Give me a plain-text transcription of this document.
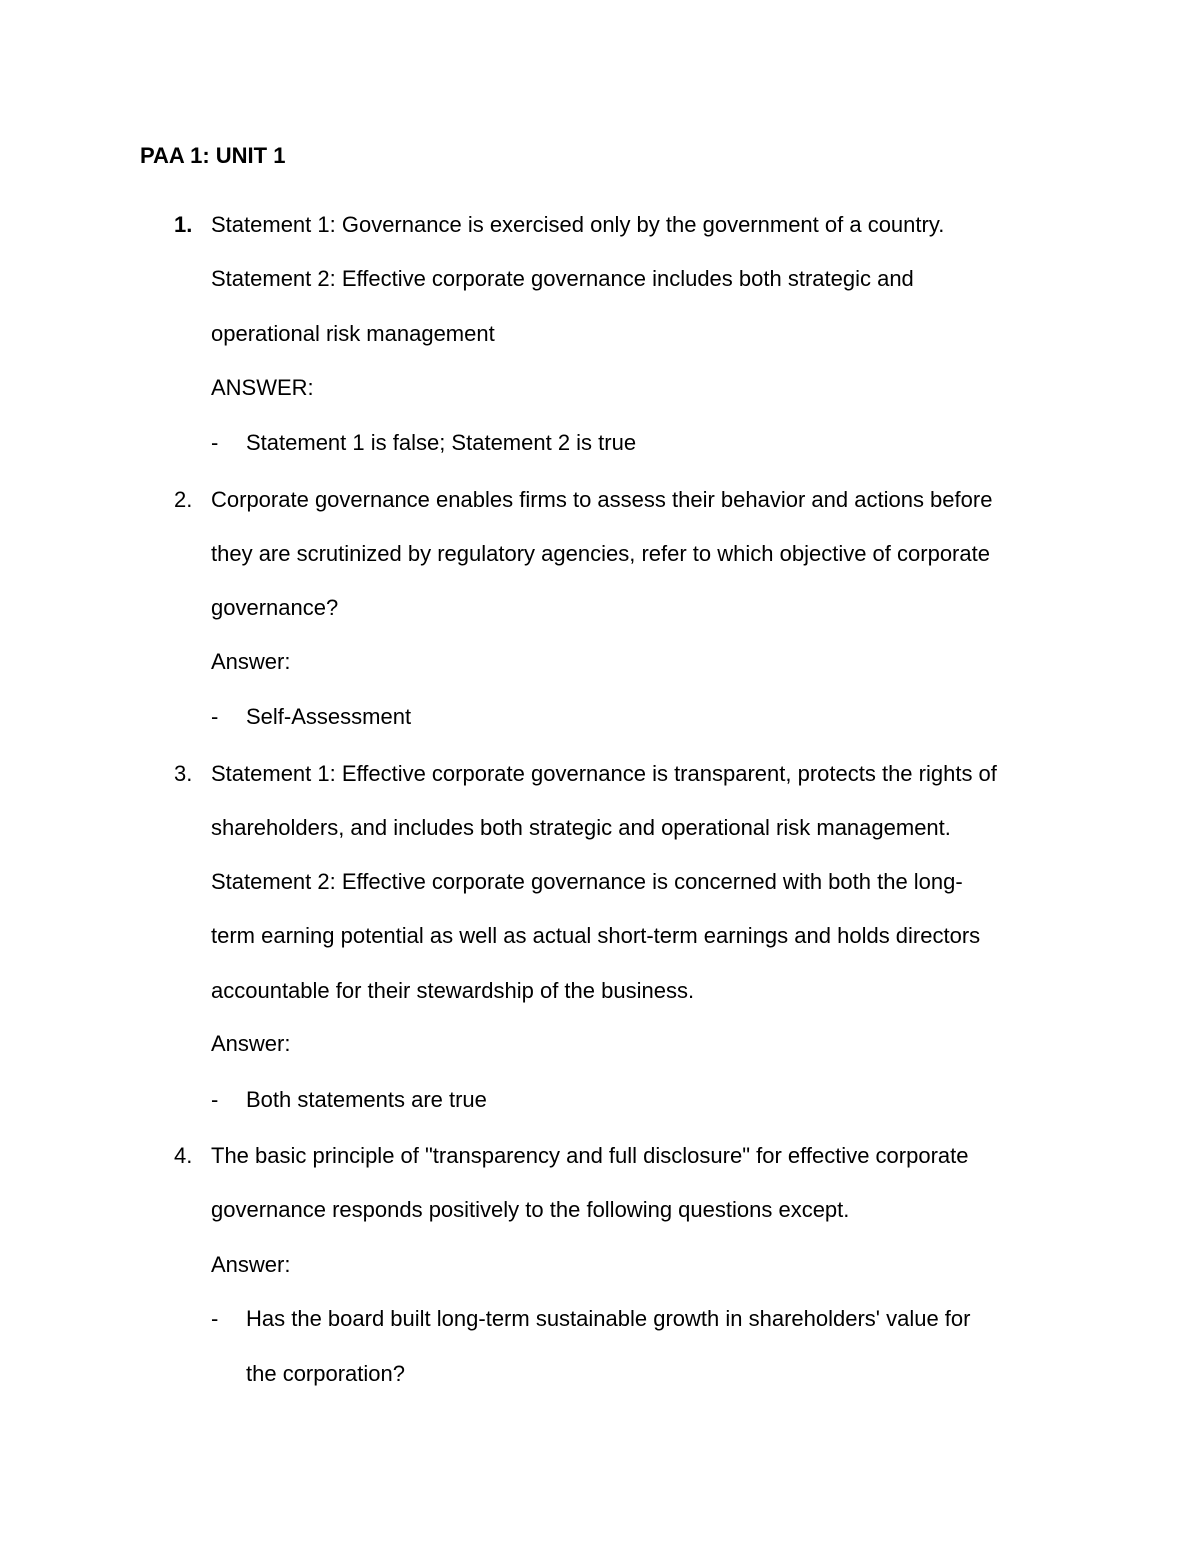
PAA 1: UNIT 1
1. Statement 1: Governance is exercised only by the government of a country.
Statement 2: Effective corporate governance includes both strategic and
operational risk management
ANSWER:
- Statement 1 is false; Statement 2 is true
2. Corporate governance enables firms to assess their behavior and actions before
they are scrutinized by regulatory agencies, refer to which objective of corporate
governance?
Answer:
- Self-Assessment
3. Statement 1: Effective corporate governance is transparent, protects the rights of
shareholders, and includes both strategic and operational risk management.
Statement 2: Effective corporate governance is concerned with both the long-
term earning potential as well as actual short-term earnings and holds directors
accountable for their stewardship of the business.
Answer:
- Both statements are true
4. The basic principle of "transparency and full disclosure" for effective corporate
governance responds positively to the following questions except.
Answer:
- Has the board built long-term sustainable growth in shareholders' value for
the corporation?
